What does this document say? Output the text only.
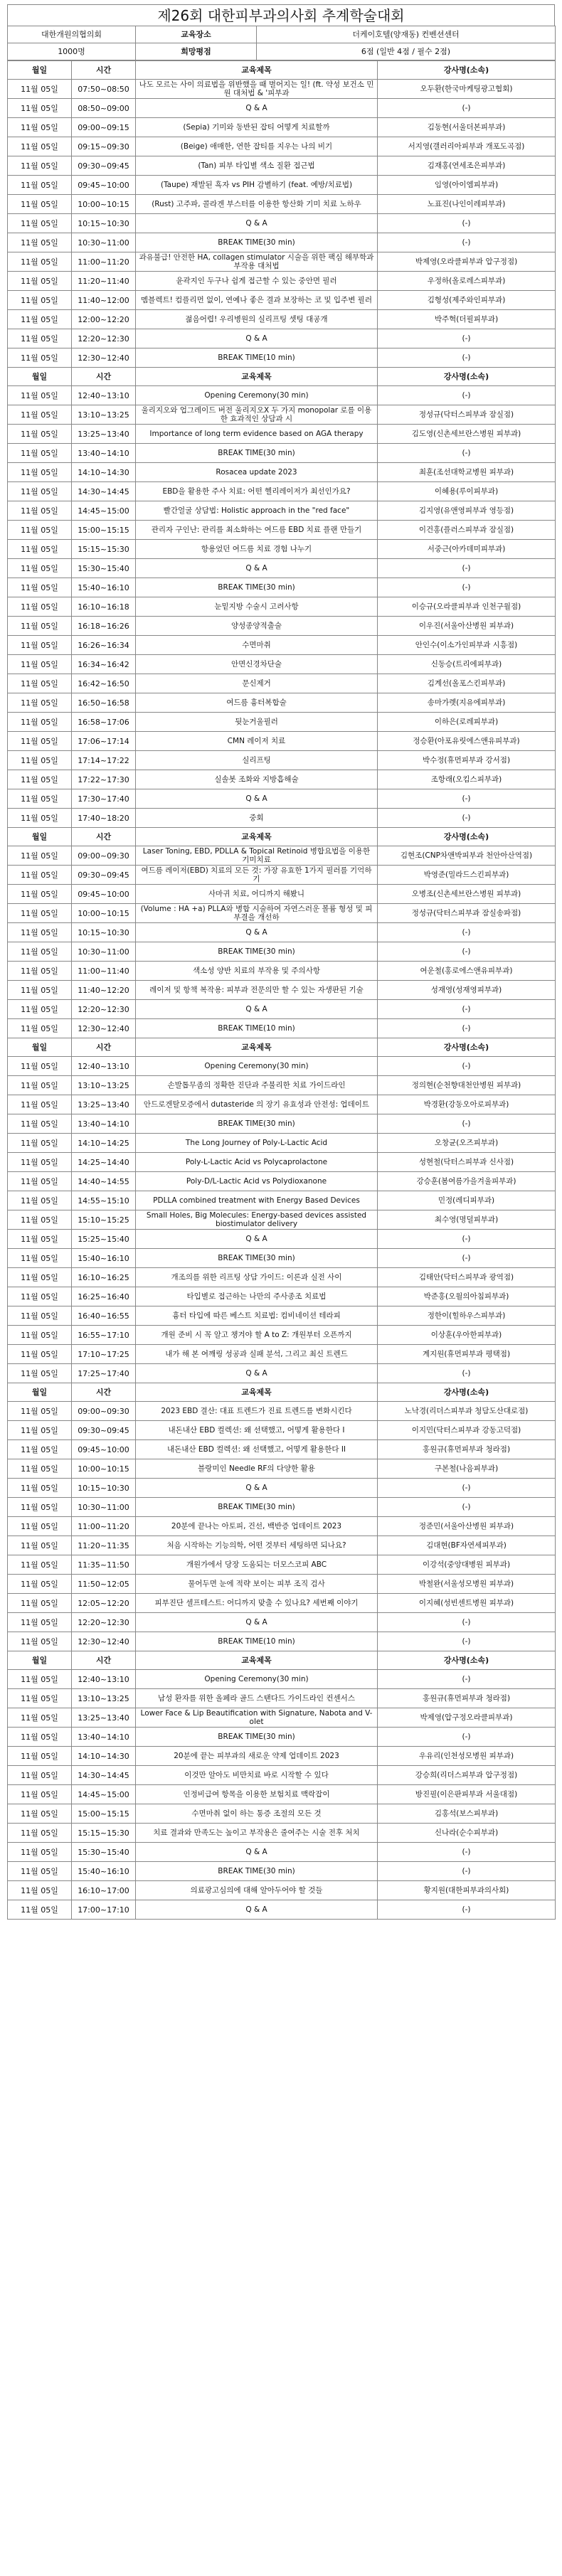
제26회 대한피부과의사회 추계학술대회
대한개원의협의회	교육장소	더케이호텔(양재동) 컨벤션센터
1000명	희망평점	6점 (일반 4점 / 필수 2점)
월일	시간	교육제목	강사명(소속)
11월 05일	07:50~08:50	나도 모르는 사이 의료법을 위반했을 때 벌어지는 일! (ft. 약성 보건소 민원 대처법 & '피부과	오두환(한국마케팅광고협회)
11월 05일	08:50~09:00	Q & A	(-)
11월 05일	09:00~09:15	(Sepia) 기미와 동반된 잡티 어떻게 치료할까	김동현(서울더본피부과)
11월 05일	09:15~09:30	(Beige) 애매한, 연한 잡티를 지우는 나의 비기	서지영(갤러리아피부과 개포도곡점)
11월 05일	09:30~09:45	(Tan) 피부 타입별 색소 질환 접근법	김재홍(연세조은피부과)
11월 05일	09:45~10:00	(Taupe) 재발된 흑자 vs PIH 감별하기 (feat. 예방/치료법)	임영(아이엠피부과)
11월 05일	10:00~10:15	(Rust) 고주파, 콜라겐 부스터를 이용한 항산화 기미 치료 노하우	노표진(나인이레피부과)
11월 05일	10:15~10:30	Q & A	(-)
11월 05일	10:30~11:00	BREAK TIME(30 min)	(-)
11월 05일	11:00~11:20	과유불급! 안전한 HA, collagen stimulator 시술을 위한 팩심 해부학과 부작용 대처법	박제영(오라클피부과 압구정점)
11월 05일	11:20~11:40	윤곽지인 두구나 쉽게 접근할 수 있는 중안면 필러	우정하(올로레스피부과)
11월 05일	11:40~12:00	멤블렉트! 컴플리먼 없이, 연예나 좋은 결과 보장하는 코 및 입주변 필러	김형성(제주와인피부과)
11월 05일	12:00~12:20	젊음어렵! 우리병원의 실리프팅 셋팅 대공개	박주혁(더필피부과)
11월 05일	12:20~12:30	Q & A	(-)
11월 05일	12:30~12:40	BREAK TIME(10 min)	(-)
월일	시간	교육제목	강사명(소속)
11월 05일	12:40~13:10	Opening Ceremony(30 min)	(-)
11월 05일	13:10~13:25	울리지오와 업그레이드 버전 울리지오X 두 가지 monopolar 로를 이용한 효과적인 상담과 시	정성규(닥터스피부과 잠실점)
11월 05일	13:25~13:40	Importance of long term evidence based on AGA therapy	김도영(신촌세브란스병원 피부과)
11월 05일	13:40~14:10	BREAK TIME(30 min)	(-)
11월 05일	14:10~14:30	Rosacea update 2023	최훈(조선대학교병원 피부과)
11월 05일	14:30~14:45	EBD을 활용한 주사 치료: 어떤 헬리레이저가 최선인가요?	이혜용(루이피부과)
11월 05일	14:45~15:00	빨간얼굴 상담법: Holistic approach in the "red face"	김지영(유앤영피부과 영등점)
11월 05일	15:00~15:15	관리자 구인난: 관리를 최소화하는 여드름 EBD 치료 플랜 만들기	이건홍(플러스피부과 잠실점)
11월 05일	15:15~15:30	항용었던 여드름 치료 경험 나누기	서중근(아카데미피부과)
11월 05일	15:30~15:40	Q & A	(-)
11월 05일	15:40~16:10	BREAK TIME(30 min)	(-)
11월 05일	16:10~16:18	눈밑지방 수술시 고려사항	이승규(오라클피부과 인천구월점)
11월 05일	16:18~16:26	양성종양적출술	이우진(서울아산병원 피부과)
11월 05일	16:26~16:34	수면마취	안인수(이소가인피부과 시흥점)
11월 05일	16:34~16:42	안면신경차단술	신동승(트리에피부과)
11월 05일	16:42~16:50	문신제거	김계선(올포스킨피부과)
11월 05일	16:50~16:58	여드름 흉터복합술	송마가렛(지유에피부과)
11월 05일	16:58~17:06	뒷눈거울필러	이하은(로레피부과)
11월 05일	17:06~17:14	CMN 레이저 치료	정승환(아포유릿에스앤유피부과)
11월 05일	17:14~17:22	실리프팅	박수정(휴먼피부과 강서점)
11월 05일	17:22~17:30	실솔봇 조화와 지방흡해술	조항래(오킴스피부과)
11월 05일	17:30~17:40	Q & A	(-)
11월 05일	17:40~18:20	중회	(-)
월일	시간	교육제목	강사명(소속)
11월 05일	09:00~09:30	Laser Toning, EBD, PDLLA & Topical Retinoid 병합요법을 이용한 기미치료	김현조(CNP차앤박피부과 천안아산역점)
11월 05일	09:30~09:45	여드름 레이저(EBD) 치료의 모든 것: 가장 유효한 1가지 필러를 기억하기	박영준(밀라드스킨피부과)
11월 05일	09:45~10:00	사마귀 치료, 어디까지 해봤니	오병조(신촌세브란스병원 피부과)
11월 05일	10:00~10:15	(Volume : HA +a) PLLA와 병합 시술하여 자연스러운 볼륨 형성 및 피부결을 개선하	정성규(닥터스피부과 잠실송파점)
11월 05일	10:15~10:30	Q & A	(-)
11월 05일	10:30~11:00	BREAK TIME(30 min)	(-)
11월 05일	11:00~11:40	색소성 양반 치료의 부작용 및 주의사항	여운철(홍로에스앤유피부과)
11월 05일	11:40~12:20	레이저 및 항책 복작용: 피부과 전문의만 할 수 있는 자생판된 기술	성재영(성재영피부과)
11월 05일	12:20~12:30	Q & A	(-)
11월 05일	12:30~12:40	BREAK TIME(10 min)	(-)
월일	시간	교육제목	강사명(소속)
11월 05일	12:40~13:10	Opening Ceremony(30 min)	(-)
11월 05일	13:10~13:25	손발톱무좀의 정확한 진단과 주불리한 치료 가이드라인	정의현(순천향대천안병원 피부과)
11월 05일	13:25~13:40	안드로겐탈모증에서 dutasteride 의 장기 유효성과 안전성: 업데이트	박경환(강동오아로피부과)
11월 05일	13:40~14:10	BREAK TIME(30 min)	(-)
11월 05일	14:10~14:25	The Long Journey of Poly-L-Lactic Acid	오창균(오즈피부과)
11월 05일	14:25~14:40	Poly-L-Lactic Acid vs Polycaprolactone	성현철(닥터스피부과 신사점)
11월 05일	14:40~14:55	Poly-D/L-Lactic Acid vs Polydioxanone	강승훈(봄여름가을겨울피부과)
11월 05일	14:55~15:10	PDLLA combined treatment with Energy Based Devices	민정(레디피부과)
11월 05일	15:10~15:25	Small Holes, Big Molecules: Energy-based devices assisted biostimulator delivery	최수영(명덜피부과)
11월 05일	15:25~15:40	Q & A	(-)
11월 05일	15:40~16:10	BREAK TIME(30 min)	(-)
11월 05일	16:10~16:25	개조의를 위한 리프팅 상담 가이드: 이론과 실전 사이	김태안(닥터스피부과 광역점)
11월 05일	16:25~16:40	타입별로 접근하는 나만의 주사종조 치료법	박준홍(오월의아침피부과)
11월 05일	16:40~16:55	흉터 타입에 따른 베스트 치료법: 컴비네이션 테라피	정한이(힐하우스피부과)
11월 05일	16:55~17:10	개원 준비 시 꼭 알고 챙겨야 할 A to Z: 개원부터 오픈까지	이상훈(우아한피부과)
11월 05일	17:10~17:25	내가 해 본 여깨링 성공과 실패 분석, 그리고 최신 트렌드	계지원(휴먼피부과 평택점)
11월 05일	17:25~17:40	Q & A	(-)
월일	시간	교육제목	강사명(소속)
11월 05일	09:00~09:30	2023 EBD 결산: 대표 트렌드가 진료 트렌드를 변화시킨다	노낙경(리더스피부과 청담도산대로점)
11월 05일	09:30~09:45	내돈내산 EBD 컬렉션: 왜 선택했고, 어떻게 활용한다 I	이지민(닥터스피부과 강동고덕점)
11월 05일	09:45~10:00	내돈내산 EBD 컬렉션: 왜 선택했고, 어떻게 활용한다 II	홍원규(휴먼피부과 청라점)
11월 05일	10:00~10:15	블랑미인 Needle RF의 다양한 활용	구본철(나음피부과)
11월 05일	10:15~10:30	Q & A	(-)
11월 05일	10:30~11:00	BREAK TIME(30 min)	(-)
11월 05일	11:00~11:20	20분에 끝나는 아토피, 건선, 백반증 업데이트 2023	정준민(서울아산병원 피부과)
11월 05일	11:20~11:35	처음 시작하는 기능의학, 어떤 것부터 세팅하면 되나요?	김대현(BF자연세피부과)
11월 05일	11:35~11:50	개원가에서 당장 도움되는 더모스코피 ABC	이강석(중앙대병원 피부과)
11월 05일	11:50~12:05	물어두면 눈에 적략 보이는 피부 조직 검사	박철완(서울성모병원 피부과)
11월 05일	12:05~12:20	피부진단 셀프테스트: 어디까지 맞출 수 있나요? 세번째 이야기	이지혜(성빈센트병원 피부과)
11월 05일	12:20~12:30	Q & A	(-)
11월 05일	12:30~12:40	BREAK TIME(10 min)	(-)
월일	시간	교육제목	강사명(소속)
11월 05일	12:40~13:10	Opening Ceremony(30 min)	(-)
11월 05일	13:10~13:25	남성 환자를 위한 올페라 골드 스탠다드 가이드라인 컨센서스	홍원규(휴먼피부과 청라점)
11월 05일	13:25~13:40	Lower Face & Lip Beautification with Signature, Nabota and V-olet	박제영(압구정오라클피부과)
11월 05일	13:40~14:10	BREAK TIME(30 min)	(-)
11월 05일	14:10~14:30	20분에 끝는 피부과의 새로운 약제 업데이트 2023	우유리(인천성모병원 피부과)
11월 05일	14:30~14:45	이것만 알아도 비만치료 바로 시작할 수 있다	강승희(리더스피부과 압구정점)
11월 05일	14:45~15:00	인정비급여 항목을 이용한 보험치료 맥락잡이	방진필(이은판피부과 서울대점)
11월 05일	15:00~15:15	수면마취 없이 하는 통증 조절의 모든 것	김홍석(보스피부과)
11월 05일	15:15~15:30	치료 결과와 만족도는 높이고 부작용은 줄여주는 시술 전후 처치	신나라(순수피부과)
11월 05일	15:30~15:40	Q & A	(-)
11월 05일	15:40~16:10	BREAK TIME(30 min)	(-)
11월 05일	16:10~17:00	의료광고심의에 대해 알아두어야 할 것들	황지원(대한피부과의사회)
11월 05일	17:00~17:10	Q & A	(-)
